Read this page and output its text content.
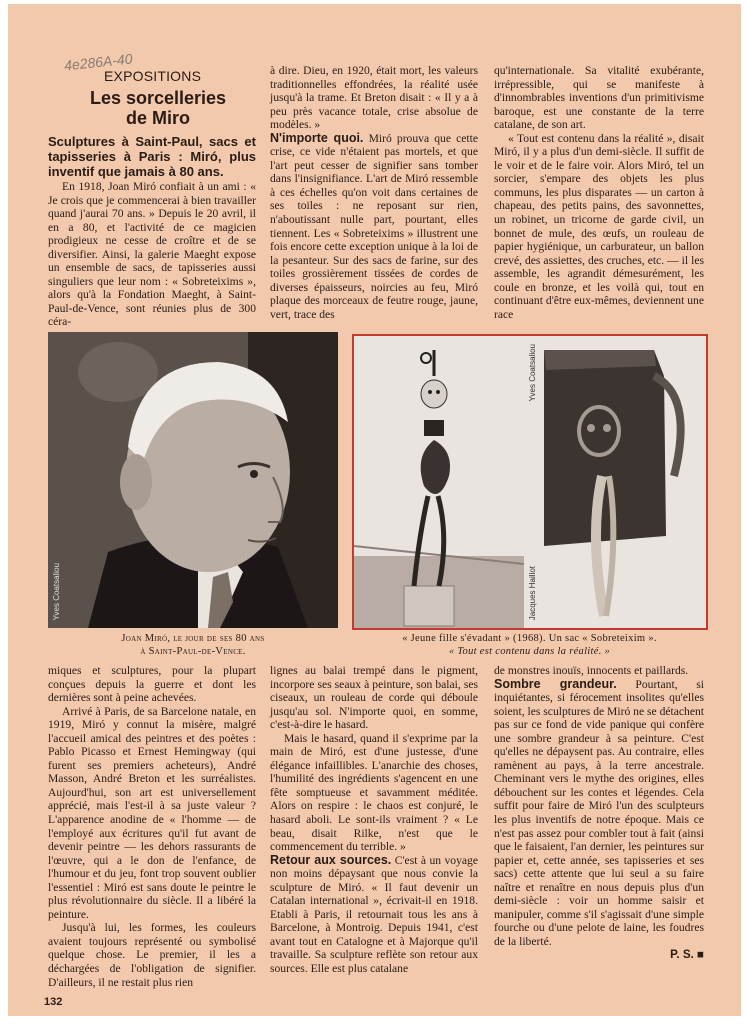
4e286A-40
EXPOSITIONS
Les sorcelleries
de Miro
Sculptures à Saint-Paul, sacs et tapisseries à Paris : Miró, plus inventif que jamais à 80 ans.

En 1918, Joan Miró confiait à un ami : « Je crois que je commencerai à bien travailler quand j'aurai 70 ans. » Depuis le 20 avril, il en a 80, et l'activité de ce magicien prodigieux ne cesse de croître et de se diversifier. Ainsi, la galerie Maeght expose un ensemble de sacs, de tapisseries aussi singuliers que leur nom : « Sobreteixims », alors qu'à la Fondation Maeght, à Saint-Paul-de-Vence, sont réunies plus de 300 céra-

à dire. Dieu, en 1920, était mort, les valeurs traditionnelles effondrées, la réalité usée jusqu'à la trame. Et Breton disait : « Il y a à peu près vacance totale, crise absolue de modèles. »

N'importe quoi. Miró prouva que cette crise, ce vide n'étaient pas mortels, et que l'art peut cesser de signifier sans tomber dans l'insignifiance. L'art de Miró ressemble à ces échelles qu'on voit dans certaines de ses toiles : ne reposant sur rien, n'aboutissant nulle part, pourtant, elles tiennent. Les « Sobreteixims » illustrent une fois encore cette exception unique à la loi de la pesanteur. Sur des sacs de farine, sur des toiles grossièrement tissées de cordes de diverses épaisseurs, noircies au feu, Miró plaque des morceaux de feutre rouge, jaune, vert, trace des

qu'internationale. Sa vitalité exubérante, irrépressible, qui se manifeste à d'innombrables inventions d'un primitivisme baroque, est une constante de la terre catalane, de son art.

« Tout est contenu dans la réalité », disait Miró, il y a plus d'un demi-siècle. Il suffit de le voir et de le faire voir. Alors Miró, tel un sorcier, s'empare des objets les plus communs, les plus disparates — un carton à chapeau, des petits pains, des savonnettes, un robinet, un tricorne de garde civil, un bonnet de mule, des œufs, un rouleau de papier hygiénique, un carburateur, un ballon crevé, des assiettes, des cruches, etc. — il les assemble, les agrandit démesurément, les coule en bronze, et les voilà qui, tout en continuant d'être eux-mêmes, deviennent une race

Yves Coatsaliou
Yves Coatsaliou
Jacques Haillot
Joan Miró, le jour de ses 80 ans
à Saint-Paul-de-Vence.
« Jeune fille s'évadant » (1968). Un sac « Sobreteixim ».
« Tout est contenu dans la réalité. »

miques et sculptures, pour la plupart conçues depuis la guerre et dont les dernières sont à peine achevées.

Arrivé à Paris, de sa Barcelone natale, en 1919, Miró y connut la misère, malgré l'accueil amical des peintres et des poètes : Pablo Picasso et Ernest Hemingway (qui furent ses premiers acheteurs), André Masson, André Breton et les surréalistes. Aujourd'hui, son art est universellement apprécié, mais l'est-il à sa juste valeur ? L'apparence anodine de « l'homme — de l'employé aux écritures qu'il fut avant de devenir peintre — les dehors rassurants de l'œuvre, qui a le don de l'enfance, de l'humour et du jeu, font trop souvent oublier l'essentiel : Miró est sans doute le peintre le plus révolutionnaire du siècle. Il a libéré la peinture.

Jusqu'à lui, les formes, les couleurs avaient toujours représenté ou symbolisé quelque chose. Le premier, il les a déchargées de l'obligation de signifier. D'ailleurs, il ne restait plus rien

lignes au balai trempé dans le pigment, incorpore ses seaux à peinture, son balai, ses ciseaux, un rouleau de corde qui déboule jusqu'au sol. N'importe quoi, en somme, c'est-à-dire le hasard.

Mais le hasard, quand il s'exprime par la main de Miró, est d'une justesse, d'une élégance infaillibles. L'anarchie des choses, l'humilité des ingrédients s'agencent en une fête somptueuse et savamment méditée. Alors on respire : le chaos est conjuré, le hasard aboli. Le sont-ils vraiment ? « Le beau, disait Rilke, n'est que le commencement du terrible. »

Retour aux sources. C'est à un voyage non moins dépaysant que nous convie la sculpture de Miró. « Il faut devenir un Catalan international », écrivait-il en 1918. Etabli à Paris, il retournait tous les ans à Barcelone, à Montroig. Depuis 1941, c'est avant tout en Catalogne et à Majorque qu'il travaille. Sa sculpture reflète son retour aux sources. Elle est plus catalane

de monstres inouïs, innocents et paillards.

Sombre grandeur. Pourtant, si inquiétantes, si férocement insolites qu'elles soient, les sculptures de Miró ne se détachent pas sur ce fond de vide panique qui confère une sombre grandeur à sa peinture. C'est qu'elles ne dépaysent pas. Au contraire, elles ramènent au pays, à la terre ancestrale. Cheminant vers le mythe des origines, elles débouchent sur les contes et légendes. Cela suffit pour faire de Miró l'un des sculpteurs les plus inventifs de notre époque. Mais ce n'est pas assez pour combler tout à fait (ainsi que le faisaient, l'an dernier, les peintures sur papier et, cette année, ses tapisseries et ses sacs) cette attente que lui seul a su faire naître et renaître en nous depuis plus d'un demi-siècle : voir un homme saisir et manipuler, comme s'il s'agissait d'une simple fourche ou d'une pelote de laine, les foudres de la liberté.

P. S. ■
132
